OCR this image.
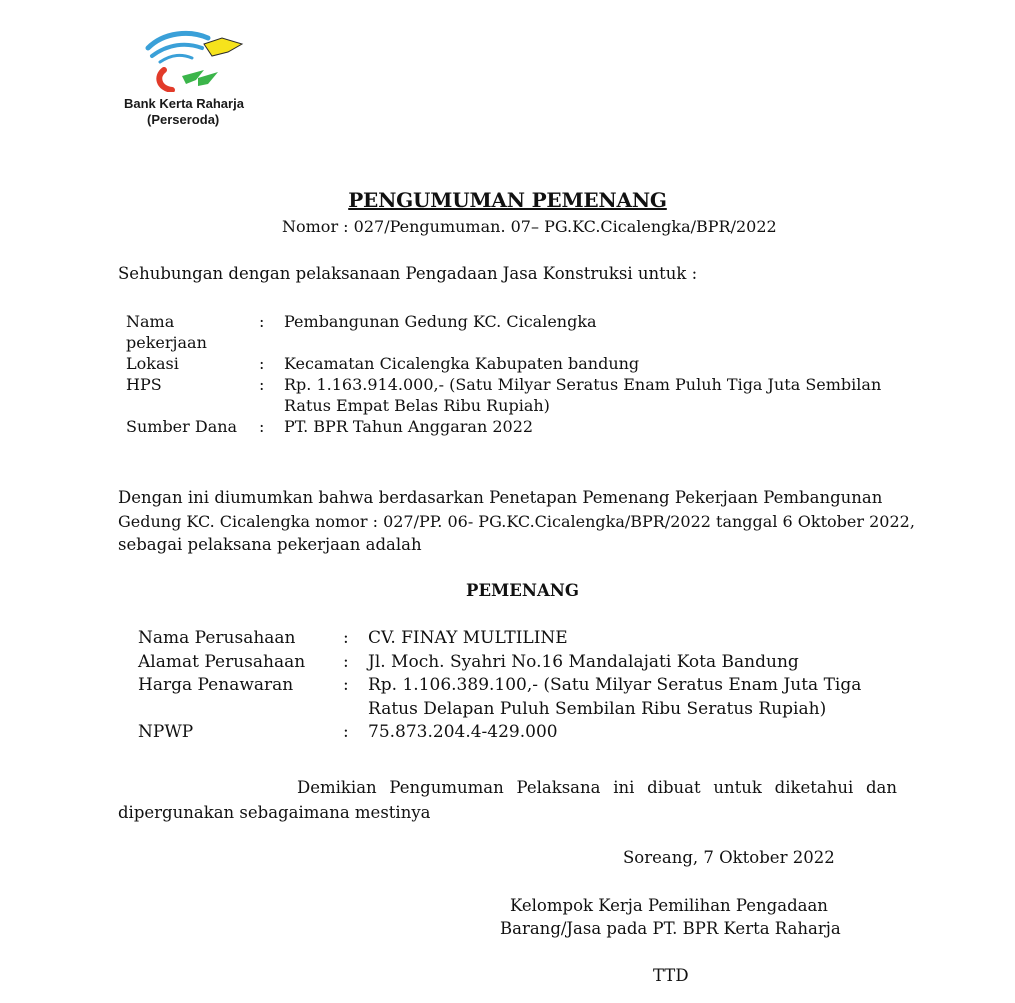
Bank Kerta Raharja
(Perseroda)
PENGUMUMAN PEMENANG
Nomor : 027/Pengumuman. 07– PG.KC.Cicalengka/BPR/2022
Sehubungan dengan pelaksanaan Pengadaan Jasa Konstruksi untuk :
Nama
pekerjaan	:	Pembangunan Gedung KC. Cicalengka

Lokasi	:	Kecamatan Cicalengka Kabupaten bandung
HPS	:	Rp. 1.163.914.000,- (Satu Milyar Seratus Enam Puluh Tiga Juta Sembilan
Ratus Empat Belas Ribu Rupiah)

Sumber Dana	:	PT. BPR Tahun Anggaran 2022
Dengan ini diumumkan bahwa berdasarkan Penetapan Pemenang Pekerjaan Pembangunan
Gedung KC. Cicalengka nomor : 027/PP. 06- PG.KC.Cicalengka/BPR/2022 tanggal 6 Oktober 2022,
sebagai pelaksana pekerjaan adalah
PEMENANG
Nama Perusahaan	:	CV. FINAY MULTILINE
Alamat Perusahaan	:	Jl. Moch. Syahri No.16 Mandalajati Kota Bandung
Harga Penawaran	:	Rp. 1.106.389.100,- (Satu Milyar Seratus Enam Juta Tiga
Ratus Delapan Puluh Sembilan Ribu Seratus Rupiah)

NPWP	:	75.873.204.4-429.000
Demikian Pengumuman Pelaksana ini dibuat untuk diketahui dan
dipergunakan sebagaimana mestinya
Soreang, 7 Oktober 2022
Kelompok Kerja Pemilihan Pengadaan
Barang/Jasa pada PT. BPR Kerta Raharja
TTD
